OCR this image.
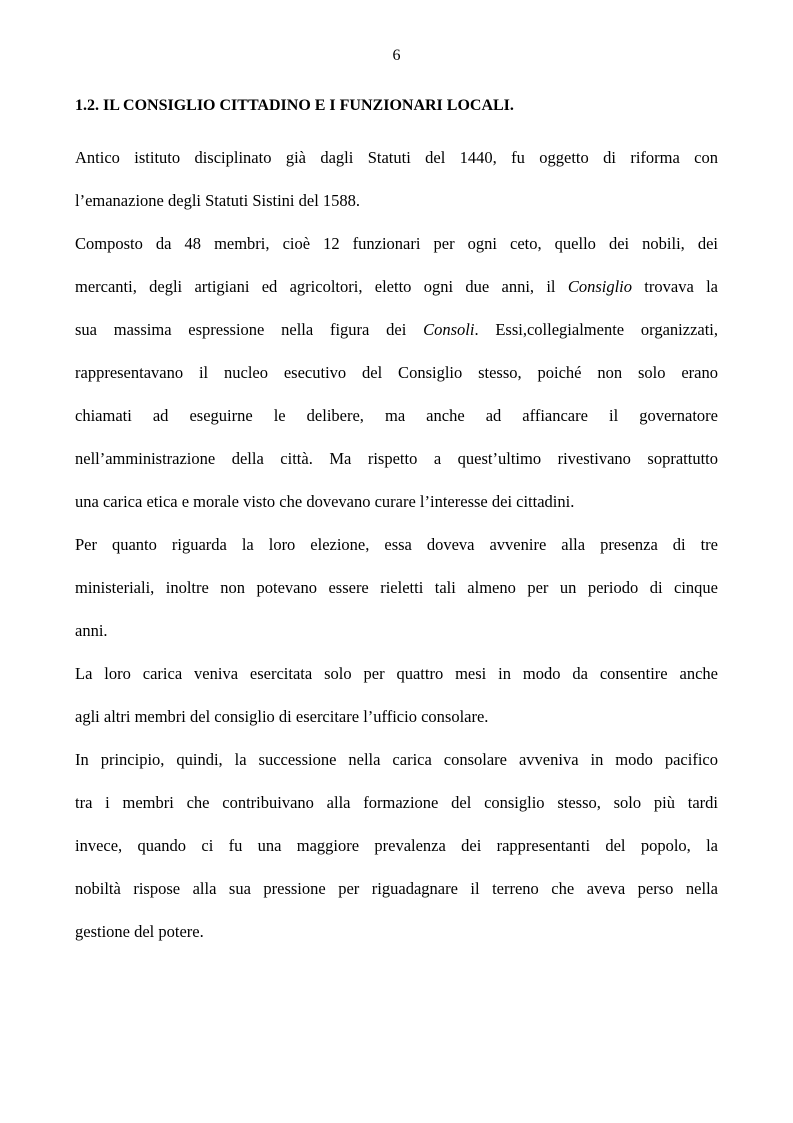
6
1.2. IL CONSIGLIO CITTADINO E I FUNZIONARI LOCALI.

Antico istituto disciplinato già dagli Statuti del 1440, fu oggetto di riforma con
l’emanazione degli Statuti Sistini del 1588.

Composto da 48 membri, cioè 12 funzionari per ogni ceto, quello dei nobili, dei
mercanti, degli artigiani ed agricoltori, eletto ogni due anni, il Consiglio trovava la
sua massima espressione nella figura dei Consoli. Essi,collegialmente organizzati,
rappresentavano il nucleo esecutivo del Consiglio stesso, poiché non solo erano
chiamati ad eseguirne le delibere, ma anche ad affiancare il governatore
nell’amministrazione della città. Ma rispetto a quest’ultimo rivestivano soprattutto
una carica etica e morale visto che dovevano curare l’interesse dei cittadini.

Per quanto riguarda la loro elezione, essa doveva avvenire alla presenza di tre
ministeriali, inoltre non potevano essere rieletti tali almeno per un periodo di cinque
anni.

La loro carica veniva esercitata solo per quattro mesi in modo da consentire anche
agli altri membri del consiglio di esercitare l’ufficio consolare.

In principio, quindi, la successione nella carica consolare avveniva in modo pacifico
tra i membri che contribuivano alla formazione del consiglio stesso, solo più tardi
invece, quando ci fu una maggiore prevalenza dei rappresentanti del popolo, la
nobiltà rispose alla sua pressione per riguadagnare il terreno che aveva perso nella
gestione del potere.
